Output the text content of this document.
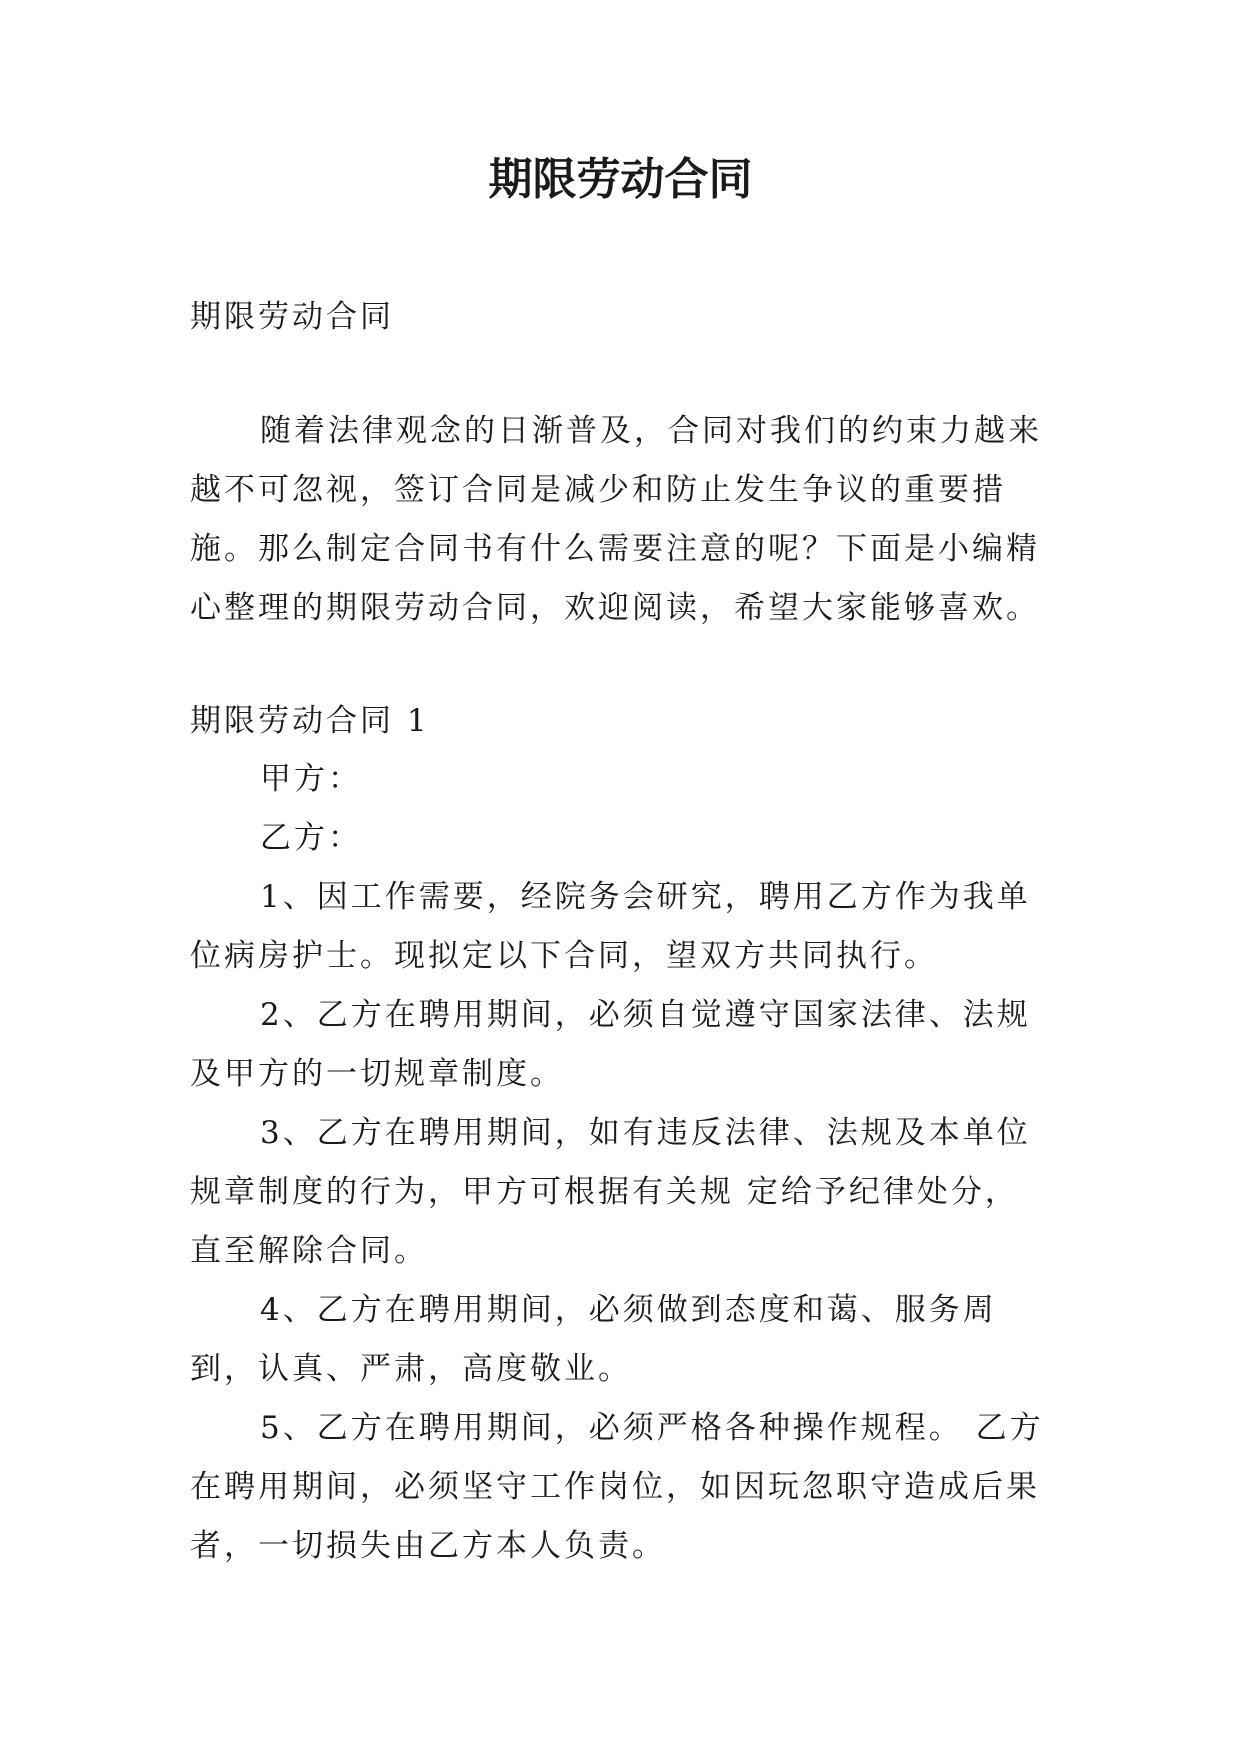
期限劳动合同

期限劳动合同

随着法律观念的日渐普及，合同对我们的约束力越来越不可忽视，签订合同是减少和防止发生争议的重要措施。那么制定合同书有什么需要注意的呢？下面是小编精心整理的期限劳动合同，欢迎阅读，希望大家能够喜欢。

期限劳动合同 1

甲方：

乙方：

1、因工作需要，经院务会研究，聘用乙方作为我单位病房护士。现拟定以下合同，望双方共同执行。

2、乙方在聘用期间，必须自觉遵守国家法律、法规及甲方的一切规章制度。

3、乙方在聘用期间，如有违反法律、法规及本单位规章制度的行为，甲方可根据有关规 定给予纪律处分，直至解除合同。

4、乙方在聘用期间，必须做到态度和蔼、服务周到，认真、严肃，高度敬业。

5、乙方在聘用期间，必须严格各种操作规程。 乙方在聘用期间，必须坚守工作岗位，如因玩忽职守造成后果者，一切损失由乙方本人负责。
